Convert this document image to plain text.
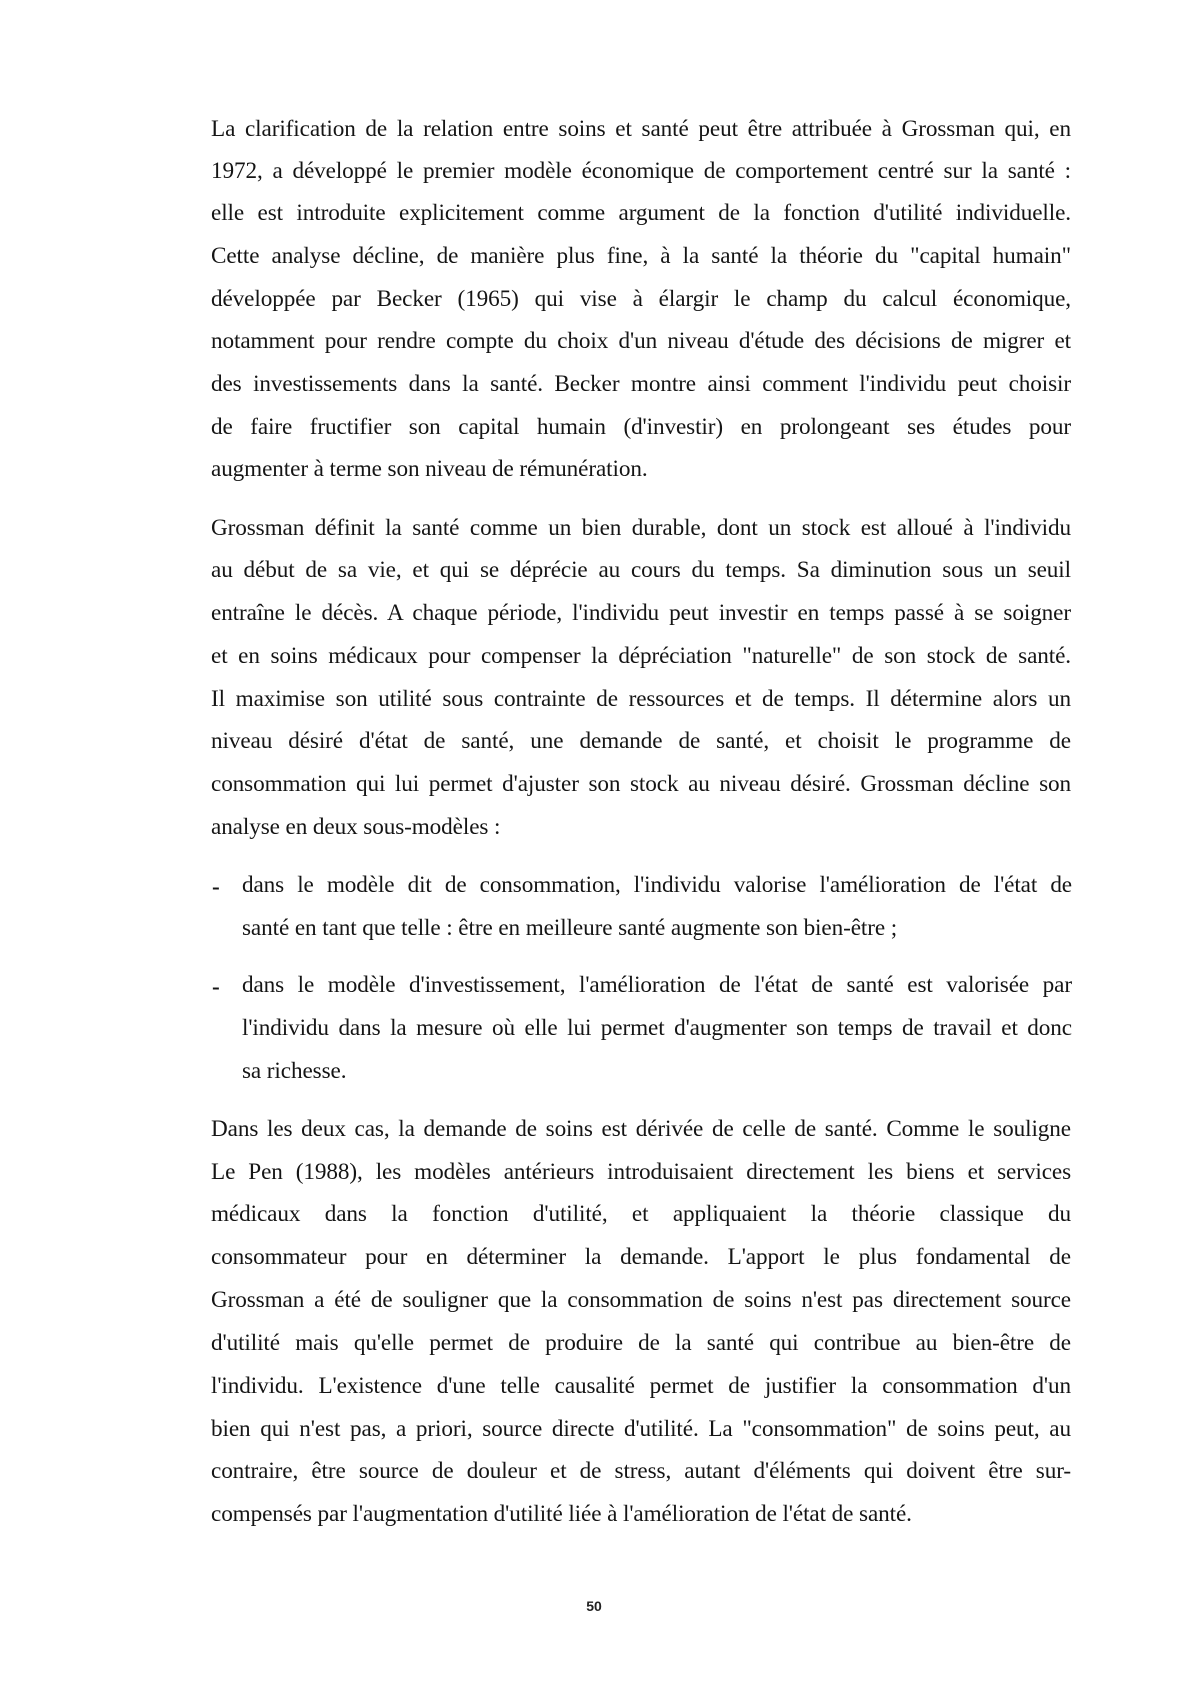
La clarification de la relation entre soins et santé peut être attribuée à Grossman qui, en
1972, a développé le premier modèle économique de comportement centré sur la santé :
elle est introduite explicitement comme argument de la fonction d'utilité individuelle.
Cette analyse décline, de manière plus fine, à la santé la théorie du "capital humain"
développée par Becker (1965) qui vise à élargir le champ du calcul économique,
notamment pour rendre compte du choix d'un niveau d'étude des décisions de migrer et
des investissements dans la santé. Becker montre ainsi comment l'individu peut choisir
de faire fructifier son capital humain (d'investir) en prolongeant ses études pour
augmenter à terme son niveau de rémunération.
Grossman définit la santé comme un bien durable, dont un stock est alloué à l'individu
au début de sa vie, et qui se déprécie au cours du temps. Sa diminution sous un seuil
entraîne le décès. A chaque période, l'individu peut investir en temps passé à se soigner
et en soins médicaux pour compenser la dépréciation "naturelle" de son stock de santé.
Il maximise son utilité sous contrainte de ressources et de temps. Il détermine alors un
niveau désiré d'état de santé, une demande de santé, et choisit le programme de
consommation qui lui permet d'ajuster son stock au niveau désiré. Grossman décline son
analyse en deux sous-modèles :
- dans le modèle dit de consommation, l'individu valorise l'amélioration de l'état de
santé en tant que telle : être en meilleure santé augmente son bien-être ;
- dans le modèle d'investissement, l'amélioration de l'état de santé est valorisée par
l'individu dans la mesure où elle lui permet d'augmenter son temps de travail et donc
sa richesse.
Dans les deux cas, la demande de soins est dérivée de celle de santé. Comme le souligne
Le Pen (1988), les modèles antérieurs introduisaient directement les biens et services
médicaux dans la fonction d'utilité, et appliquaient la théorie classique du
consommateur pour en déterminer la demande. L'apport le plus fondamental de
Grossman a été de souligner que la consommation de soins n'est pas directement source
d'utilité mais qu'elle permet de produire de la santé qui contribue au bien-être de
l'individu. L'existence d'une telle causalité permet de justifier la consommation d'un
bien qui n'est pas, a priori, source directe d'utilité. La "consommation" de soins peut, au
contraire, être source de douleur et de stress, autant d'éléments qui doivent être sur-
compensés par l'augmentation d'utilité liée à l'amélioration de l'état de santé.
50
